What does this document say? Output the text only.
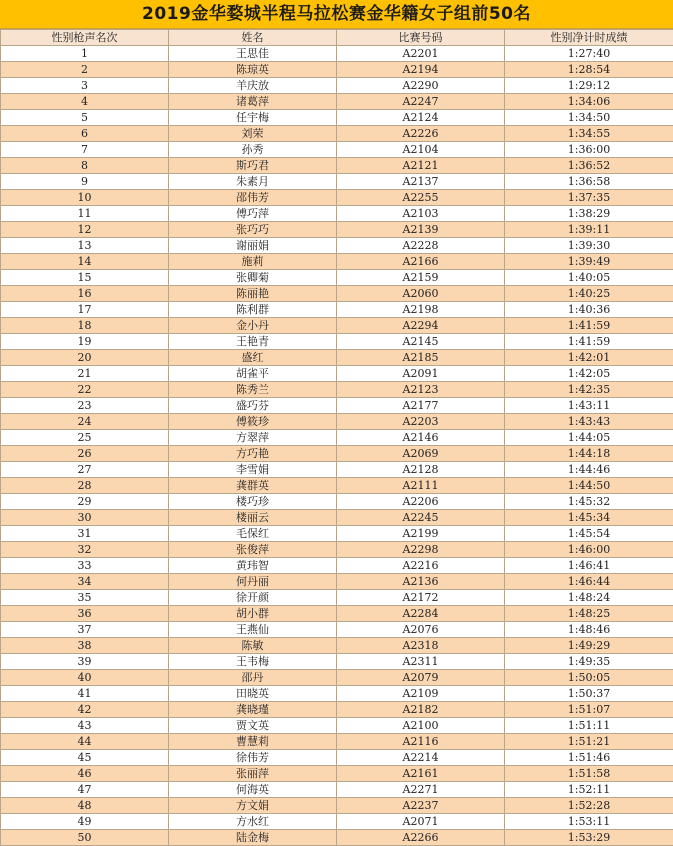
2019金华婺城半程马拉松赛金华籍女子组前50名
性别枪声名次	姓名	比赛号码	性别净计时成绩
1	王思佳	A2201	1:27:40
2	陈琼英	A2194	1:28:54
3	羊庆放	A2290	1:29:12
4	诸葛萍	A2247	1:34:06
5	任宇梅	A2124	1:34:50
6	刘荣	A2226	1:34:55
7	孙秀	A2104	1:36:00
8	斯巧君	A2121	1:36:52
9	朱素月	A2137	1:36:58
10	邵伟芳	A2255	1:37:35
11	傅巧萍	A2103	1:38:29
12	张巧巧	A2139	1:39:11
13	谢丽娟	A2228	1:39:30
14	施莉	A2166	1:39:49
15	张卿菊	A2159	1:40:05
16	陈丽艳	A2060	1:40:25
17	陈利群	A2198	1:40:36
18	金小丹	A2294	1:41:59
19	王艳青	A2145	1:41:59
20	盛红	A2185	1:42:01
21	胡雀平	A2091	1:42:05
22	陈秀兰	A2123	1:42:35
23	盛巧芬	A2177	1:43:11
24	傅筱珍	A2203	1:43:43
25	方翠萍	A2146	1:44:05
26	方巧艳	A2069	1:44:18
27	李雪娟	A2128	1:44:46
28	龚群英	A2111	1:44:50
29	楼巧珍	A2206	1:45:32
30	楼丽云	A2245	1:45:34
31	毛保红	A2199	1:45:54
32	张俊萍	A2298	1:46:00
33	黄玮智	A2216	1:46:41
34	何丹丽	A2136	1:46:44
35	徐开颜	A2172	1:48:24
36	胡小群	A2284	1:48:25
37	王燕仙	A2076	1:48:46
38	陈敏	A2318	1:49:29
39	王韦梅	A2311	1:49:35
40	邵丹	A2079	1:50:05
41	田晓英	A2109	1:50:37
42	龚晓瑾	A2182	1:51:07
43	贾文英	A2100	1:51:11
44	曹慧莉	A2116	1:51:21
45	徐伟芳	A2214	1:51:46
46	张丽萍	A2161	1:51:58
47	何海英	A2271	1:52:11
48	方文娟	A2237	1:52:28
49	方水红	A2071	1:53:11
50	陆金梅	A2266	1:53:29
